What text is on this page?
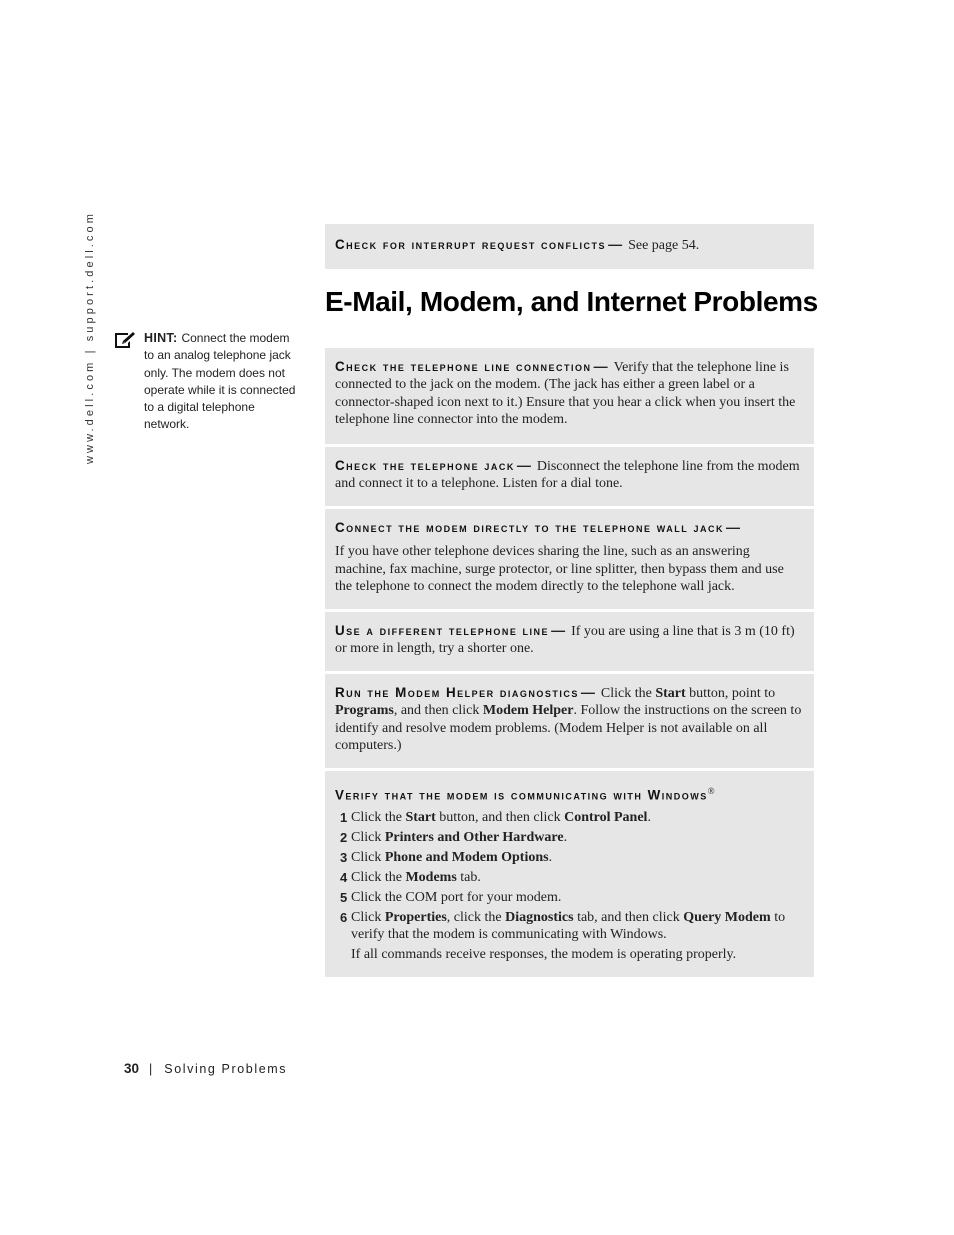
www.dell.com | support.dell.com	HINT: Connect the modem to an analog telephone jack only. The modem does not operate while it is connected to a digital telephone network.
Check for interrupt request conflicts — See page 54.
E-Mail, Modem, and Internet Problems
Check the telephone line connection — Verify that the telephone line is connected to the jack on the modem. (The jack has either a green label or a connector-shaped icon next to it.) Ensure that you hear a click when you insert the telephone line connector into the modem.
Check the telephone jack — Disconnect the telephone line from the modem and connect it to a telephone. Listen for a dial tone.
Connect the modem directly to the telephone wall jack —
If you have other telephone devices sharing the line, such as an answering machine, fax machine, surge protector, or line splitter, then bypass them and use the telephone to connect the modem directly to the telephone wall jack.
Use a different telephone line — If you are using a line that is 3 m (10 ft) or more in length, try a shorter one.
Run the Modem Helper diagnostics — Click the Start button, point to Programs, and then click Modem Helper. Follow the instructions on the screen to identify and resolve modem problems. (Modem Helper is not available on all computers.)
Verify that the modem is communicating with Windows®
1 Click the Start button, and then click Control Panel.
2 Click Printers and Other Hardware.
3 Click Phone and Modem Options.
4 Click the Modems tab.
5 Click the COM port for your modem.
6 Click Properties, click the Diagnostics tab, and then click Query Modem to verify that the modem is communicating with Windows.
If all commands receive responses, the modem is operating properly.
30 | Solving Problems
